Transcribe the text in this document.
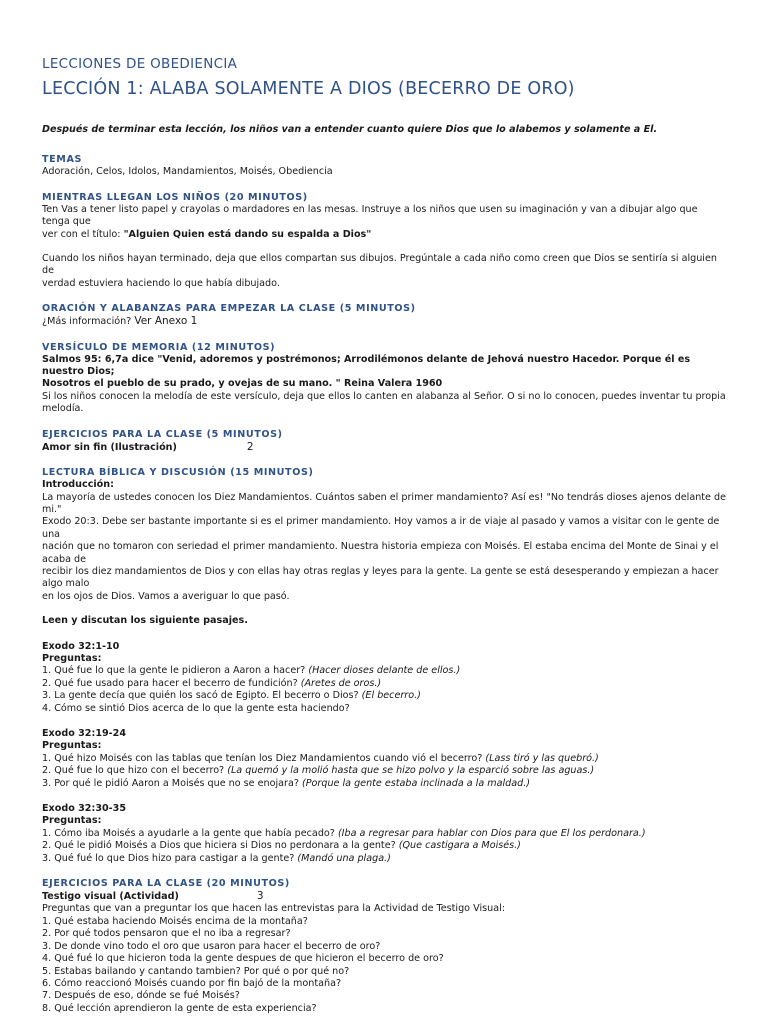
LECCIONES DE OBEDIENCIA
LECCIÓN 1: ALABA SOLAMENTE A DIOS (BECERRO DE ORO)

Después de terminar esta lección, los niños van a entender cuanto quiere Dios que lo alabemos y solamente a El.

TEMAS

Adoración, Celos, Idolos, Mandamientos, Moisés, Obediencia

MIENTRAS LLEGAN LOS NIÑOS (20 MINUTOS)

Ten Vas a tener listo papel y crayolas o mardadores en las mesas. Instruye a los niños que usen su imaginación y van a dibujar algo que tenga que

ver con el título: "Alguien Quien está dando su espalda a Dios"

Cuando los niños hayan terminado, deja que ellos compartan sus dibujos. Pregúntale a cada niño como creen que Dios se sentiría si alguien de

verdad estuviera haciendo lo que había dibujado.

ORACIÓN Y ALABANZAS PARA EMPEZAR LA CLASE (5 MINUTOS)

¿Más información? Ver Anexo 1

VERSÍCULO DE MEMORIA (12 MINUTOS)

Salmos 95: 6,7a dice "Venid, adoremos y postrémonos; Arrodilémonos delante de Jehová nuestro Hacedor. Porque él es nuestro Dios;

Nosotros el pueblo de su prado, y ovejas de su mano. " Reina Valera 1960

Si los niños conocen la melodía de este versículo, deja que ellos lo canten en alabanza al Señor. O si no lo conocen, puedes inventar tu propia

melodía.

EJERCICIOS PARA LA CLASE (5 MINUTOS)

Amor sin fin (Ilustración)	2

LECTURA BÍBLICA Y DISCUSIÓN (15 MINUTOS)

Introducción:

La mayoría de ustedes conocen los Diez Mandamientos. Cuántos saben el primer mandamiento? Así es! "No tendrás dioses ajenos delante de mi."

Exodo 20:3. Debe ser bastante importante si es el primer mandamiento. Hoy vamos a ir de viaje al pasado y vamos a visitar con le gente de una

nación que no tomaron con seriedad el primer mandamiento. Nuestra historia empieza con Moisés. El estaba encima del Monte de Sinai y el acaba de

recibir los diez mandamientos de Dios y con ellas hay otras reglas y leyes para la gente. La gente se está desesperando y empiezan a hacer algo malo

en los ojos de Dios. Vamos a averiguar lo que pasó.

Leen y discutan los siguiente pasajes.

Exodo 32:1-10

Preguntas:

1. Qué fue lo que la gente le pidieron a Aaron a hacer? (Hacer dioses delante de ellos.)
2. Qué fue usado para hacer el becerro de fundición? (Aretes de oros.)
3. La gente decía que quién los sacó de Egipto. El becerro o Dios? (El becerro.)
4. Cómo se sintió Dios acerca de lo que la gente esta haciendo?

Exodo 32:19-24

Preguntas:

1. Qué hizo Moisés con las tablas que tenían los Diez Mandamientos cuando vió el becerro? (Lass tiró y las quebró.)
2. Qué fue lo que hizo con el becerro? (La quemó y la molió hasta que se hizo polvo y la esparció sobre las aguas.)
3. Por qué le pidió Aaron a Moisés que no se enojara? (Porque la gente estaba inclinada a la maldad.)

Exodo 32:30-35

Preguntas:

1. Cómo iba Moisés a ayudarle a la gente que había pecado? (Iba a regresar para hablar con Dios para que El los perdonara.)
2. Qué le pidió Moisés a Dios que hiciera si Dios no perdonara a la gente? (Que castigara a Moisés.)
3. Qué fué lo que Dios hizo para castigar a la gente? (Mandó una plaga.)

EJERCICIOS PARA LA CLASE (20 MINUTOS)

Testigo visual (Actividad)	3

Preguntas que van a preguntar los que hacen las entrevistas para la Actividad de Testigo Visual:

1. Qué estaba haciendo Moisés encima de la montaña?
2. Por qué todos pensaron que el no iba a regresar?
3. De donde vino todo el oro que usaron para hacer el becerro de oro?
4. Qué fué lo que hicieron toda la gente despues de que hicieron el becerro de oro?
5. Estabas bailando y cantando tambien? Por qué o por qué no?
6. Cómo reaccionó Moisés cuando por fin bajó de la montaña?
7. Después de eso, dónde se fué Moisés?
8. Qué lección aprendieron la gente de esta experiencia?
